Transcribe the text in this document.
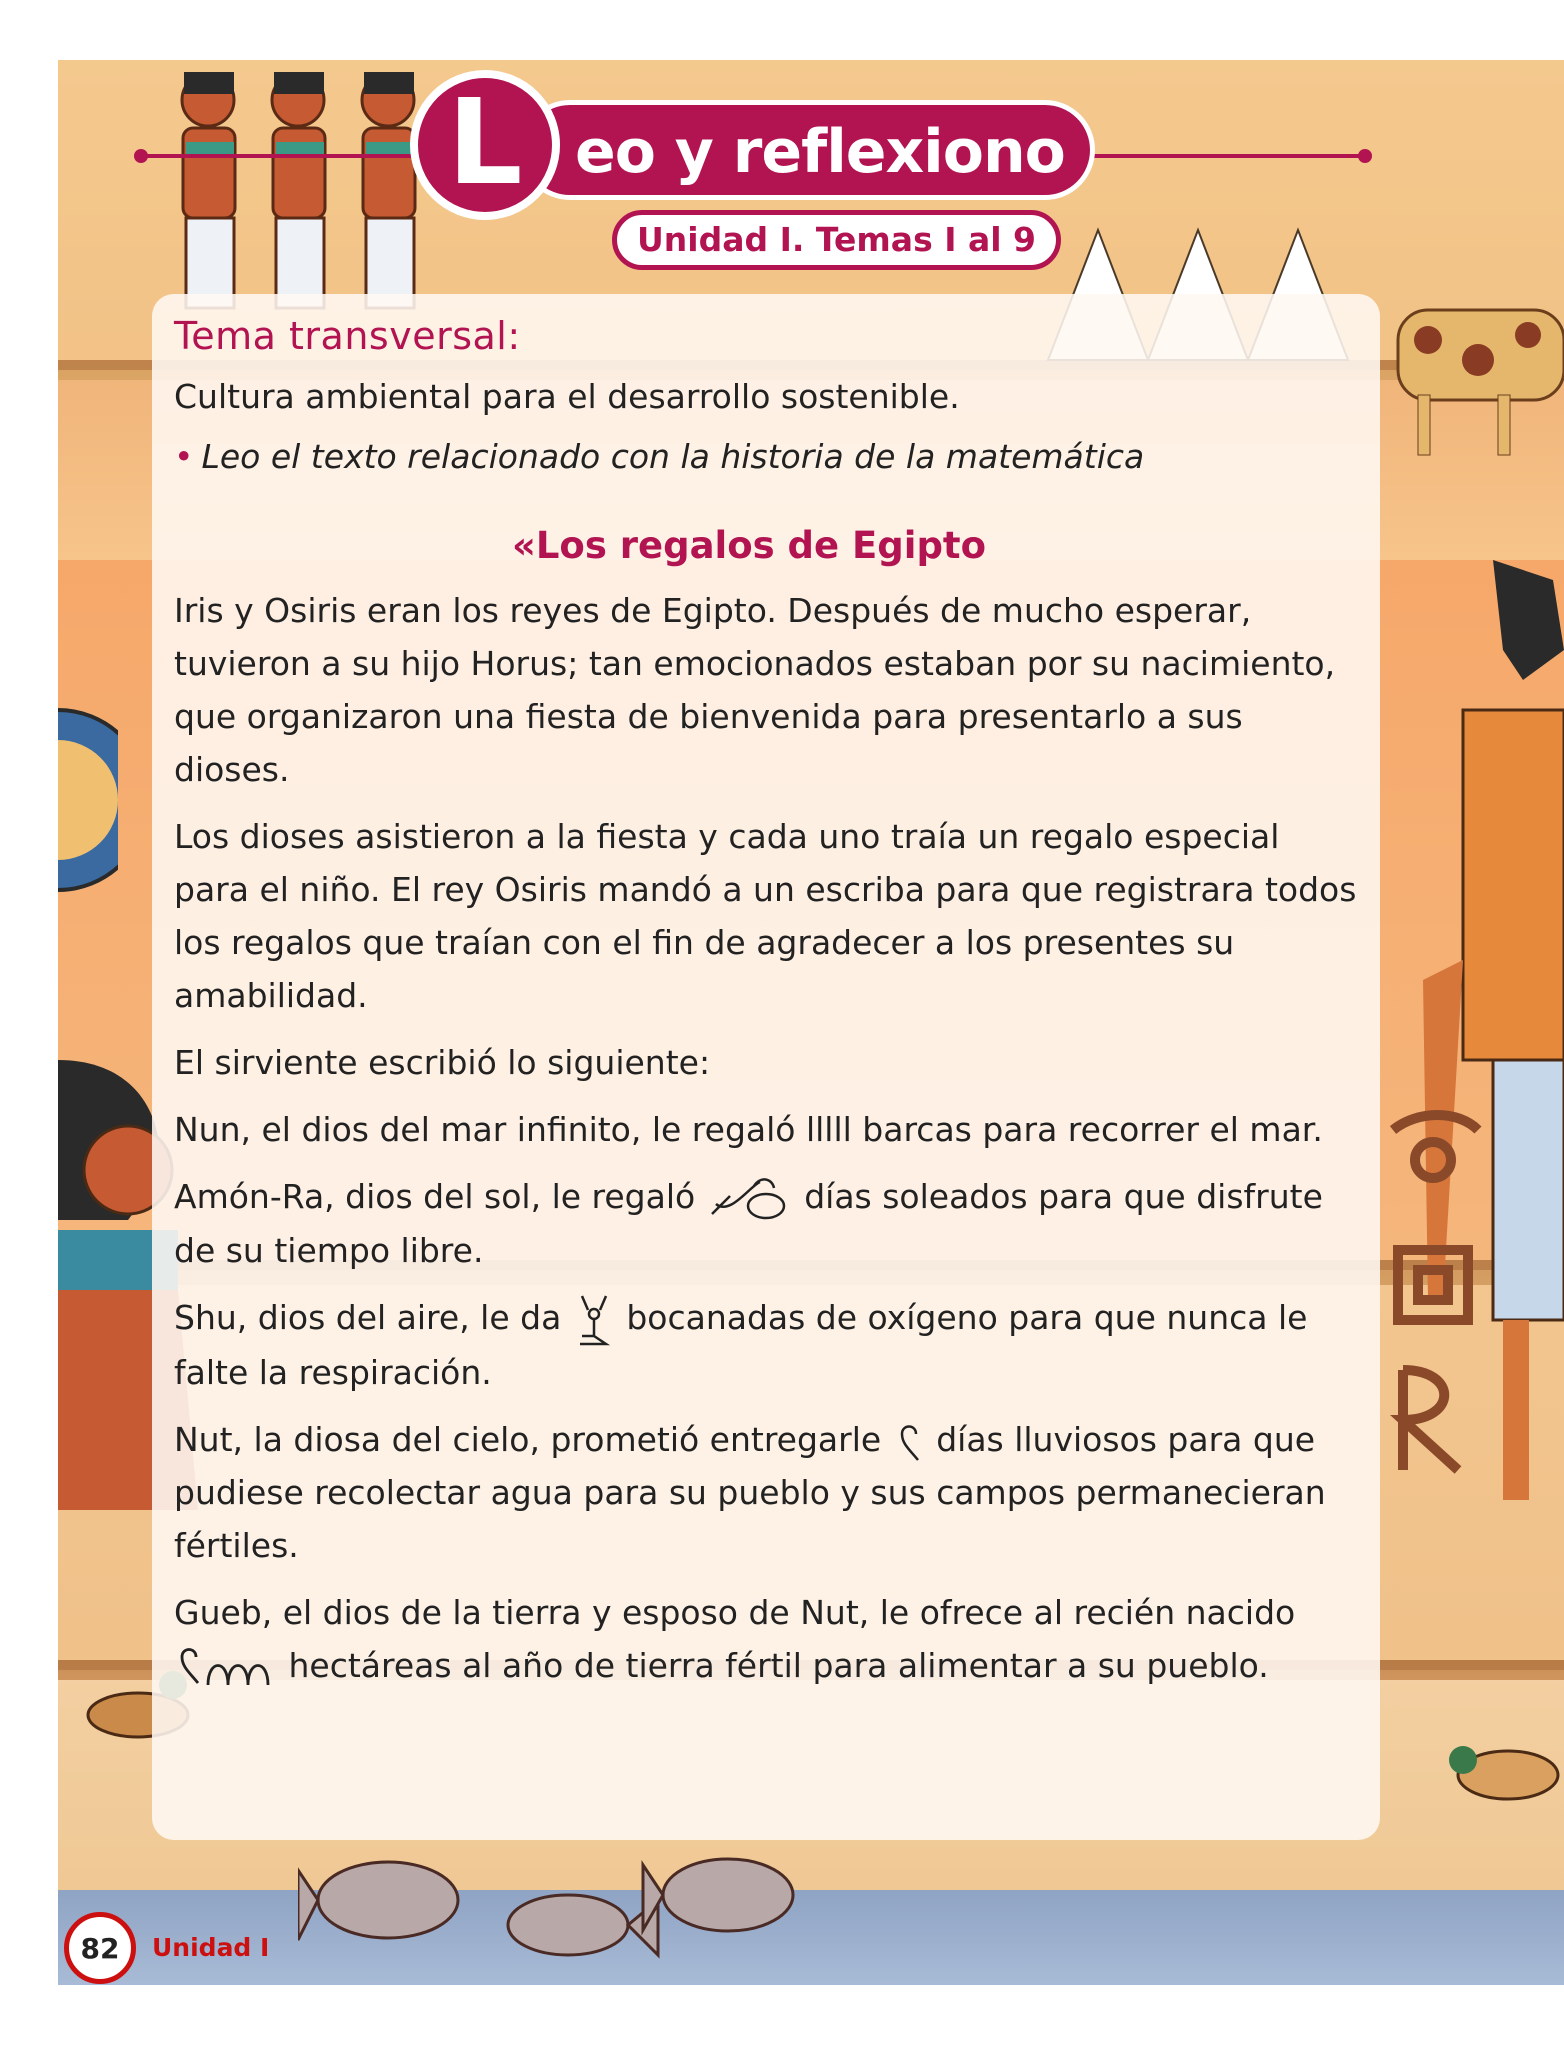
L eo y reflexiono
Unidad I. Temas I al 9
Tema transversal:
Cultura ambiental para el desarrollo sostenible.
• Leo el texto relacionado con la historia de la matemática
«Los regalos de Egipto

Iris y Osiris eran los reyes de Egipto. Después de mucho esperar, tuvieron a su hijo Horus; tan emocionados estaban por su nacimiento, que organizaron una fiesta de bienvenida para presentarlo a sus dioses.

Los dioses asistieron a la fiesta y cada uno traía un regalo especial para el niño. El rey Osiris mandó a un escriba para que registrara todos los regalos que traían con el fin de agradecer a los presentes su amabilidad.

El sirviente escribió lo siguiente:

Nun, el dios del mar infinito, le regaló lllll barcas para recorrer el mar.

Amón-Ra, dios del sol, le regaló	días soleados para que disfrute de su tiempo libre.

Shu, dios del aire, le da bocanadas de oxígeno para que nunca le falte la respiración.

Nut, la diosa del cielo, prometió entregarle días lluviosos para que pudiese recolectar agua para su pueblo y sus campos permanecieran fértiles.

Gueb, el dios de la tierra y esposo de Nut, le ofrece al recién nacido  hectáreas al año de tierra fértil para alimentar a su pueblo.

82	Unidad I
